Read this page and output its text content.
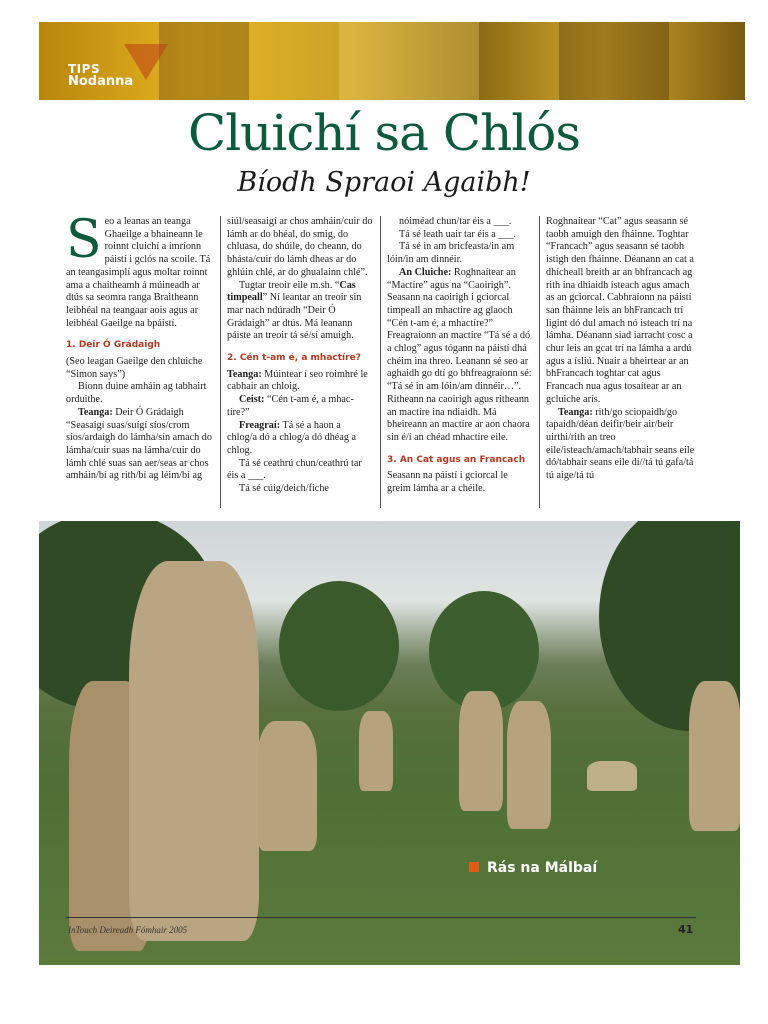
TIPS
Nodanna
Cluichí sa Chlós
Bíodh Spraoi Agaibh!

S eo a leanas an teanga Ghaeilge a bhaineann le roinnt cluichí a imríonn páistí i gclós na scoile. Tá an teangasimplí agus moltar roinnt ama a chaitheamh á múineadh ar dtús sa seomra ranga Braitheann leibhéal na teangaar aois agus ar leibhéal Gaeilge na bpáistí.

1. Deir Ó Grádaigh

(Seo leagan Gaeilge den chluiche “Simon says”)

Bíonn duine amháin ag tabhairt orduithe.

Teanga: Deir Ó Grádaigh “Seasaigí suas/suígí síos/crom síos/ardaigh do lámha/sín amach do lámha/cuir suas na lámha/cuir do lámh chlé suas san aer/seas ar chos amháin/bí ag rith/bí ag léim/bí ag

siúl/seasaigí ar chos amháin/cuir do lámh ar do bhéal, do smig, do chluasa, do shúile, do cheann, do bhásta/cuir do lámh dheas ar do ghlúin chlé, ar do ghualainn chlé”.

Tugtar treoir eile m.sh. “Cas timpeall” Ní leantar an treoir sin mar nach ndúradh “Deir Ó Grádaigh” ar dtús. Má leanann páiste an treoir tá sé/sí amuigh.

2. Cén t-am é, a mhactíre?

Teanga: Múintear í seo roimhré le cabhair an chloig.

Ceist: “Cén t-am é, a mhac-tíre?”

Freagraí: Tá sé a haon a chlog/a dó a chlog/a dó dhéag a chlog.

Tá sé ceathrú chun/ceathrú tar éis a ___.

Tá sé cúig/deich/fiche

nóiméad chun/tar éis a ___.

Tá sé leath uair tar éis a ___.

Tá sé in am bricfeasta/in am lóin/in am dinnéir.

An Cluiche: Roghnaítear an “Mactíre” agus na “Caoirigh”. Seasann na caoirigh i gciorcal timpeall an mhactíre ag glaoch “Cén t-am é, a mhactíre?” Freagraíonn an mactíre “Tá sé a dó a chlog” agus tógann na páistí dhá chéim ina threo. Leanann sé seo ar aghaidh go dtí go bhfreagraíonn sé: “Tá sé in am lóin/am dinnéir…”. Ritheann na caoirigh agus ritheann an mactíre ina ndiaidh. Má bheireann an mactíre ar aon chaora sin é/í an chéad mhactíre eile.

3. An Cat agus an Francach

Seasann na páistí i gciorcal le greim lámha ar a chéile.

Roghnaítear “Cat” agus seasann sé taobh amuigh den fháinne. Toghtar “Francach” agus seasann sé taobh istigh den fháinne. Déanann an cat a dhícheall breith ar an bhfrancach ag rith ina dhiaidh isteach agus amach as an gciorcal. Cabhraíonn na páistí san fháinne leis an bhFrancach trí ligint dó dul amach nó isteach trí na lámha. Déanann siad iarracht cosc a chur leis an gcat trí na lámha a ardú agus a ísliú. Nuair a bheirtear ar an bhFrancach toghtar cat agus Francach nua agus tosaítear ar an gcluiche arís.

Teanga: rith/go sciopaidh/go tapaidh/déan deifir/beir air/beir uirthi/rith an treo eile/isteach/amach/tabhair seans eile dó/tabhair seans eile di//tá tú gafa/tá tú aige/tá tú

Rás na Málbaí
InTouch Deireadh Fómhair 2005	41
